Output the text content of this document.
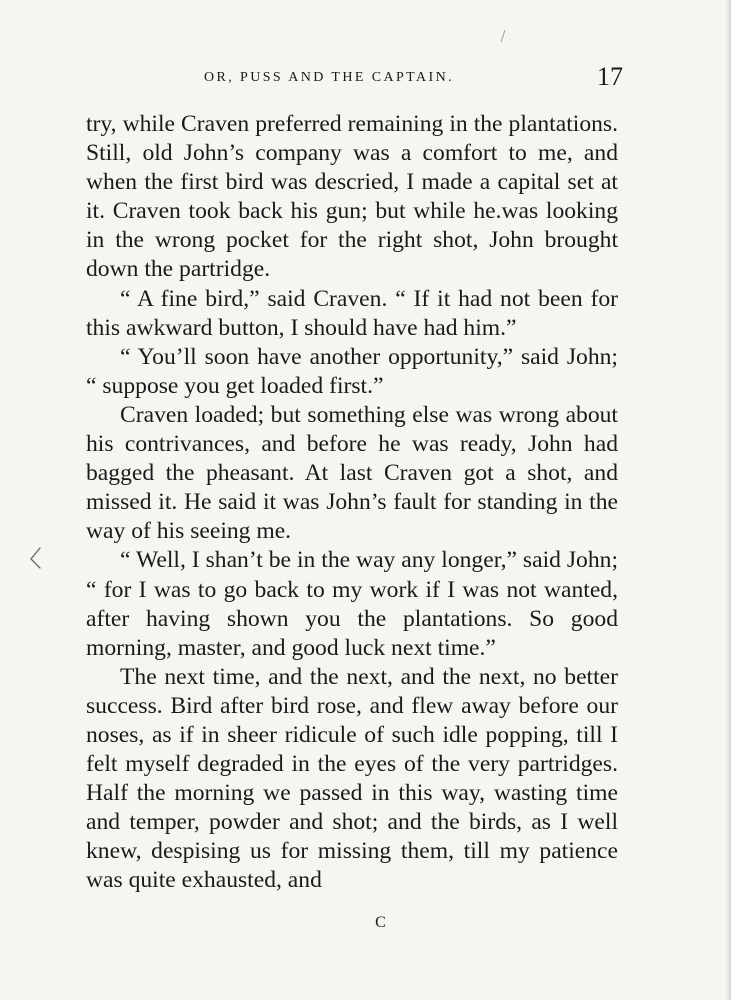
OR, PUSS AND THE CAPTAIN.	17

try, while Craven preferred remaining in the plantations. Still, old John’s company was a comfort to me, and when the first bird was descried, I made a capital set at it. Craven took back his gun; but while he.was looking in the wrong pocket for the right shot, John brought down the partridge.

“ A fine bird,” said Craven. “ If it had not been for this awkward button, I should have had him.”

“ You’ll soon have another opportunity,” said John; “ suppose you get loaded first.”

Craven loaded; but something else was wrong about his contrivances, and before he was ready, John had bagged the pheasant. At last Craven got a shot, and missed it. He said it was John’s fault for standing in the way of his seeing me.

“ Well, I shan’t be in the way any longer,” said John; “ for I was to go back to my work if I was not wanted, after having shown you the plantations. So good morning, master, and good luck next time.”

The next time, and the next, and the next, no better success. Bird after bird rose, and flew away before our noses, as if in sheer ridicule of such idle popping, till I felt myself degraded in the eyes of the very partridges. Half the morning we passed in this way, wasting time and temper, powder and shot; and the birds, as I well knew, despising us for missing them, till my patience was quite exhausted, and

C
